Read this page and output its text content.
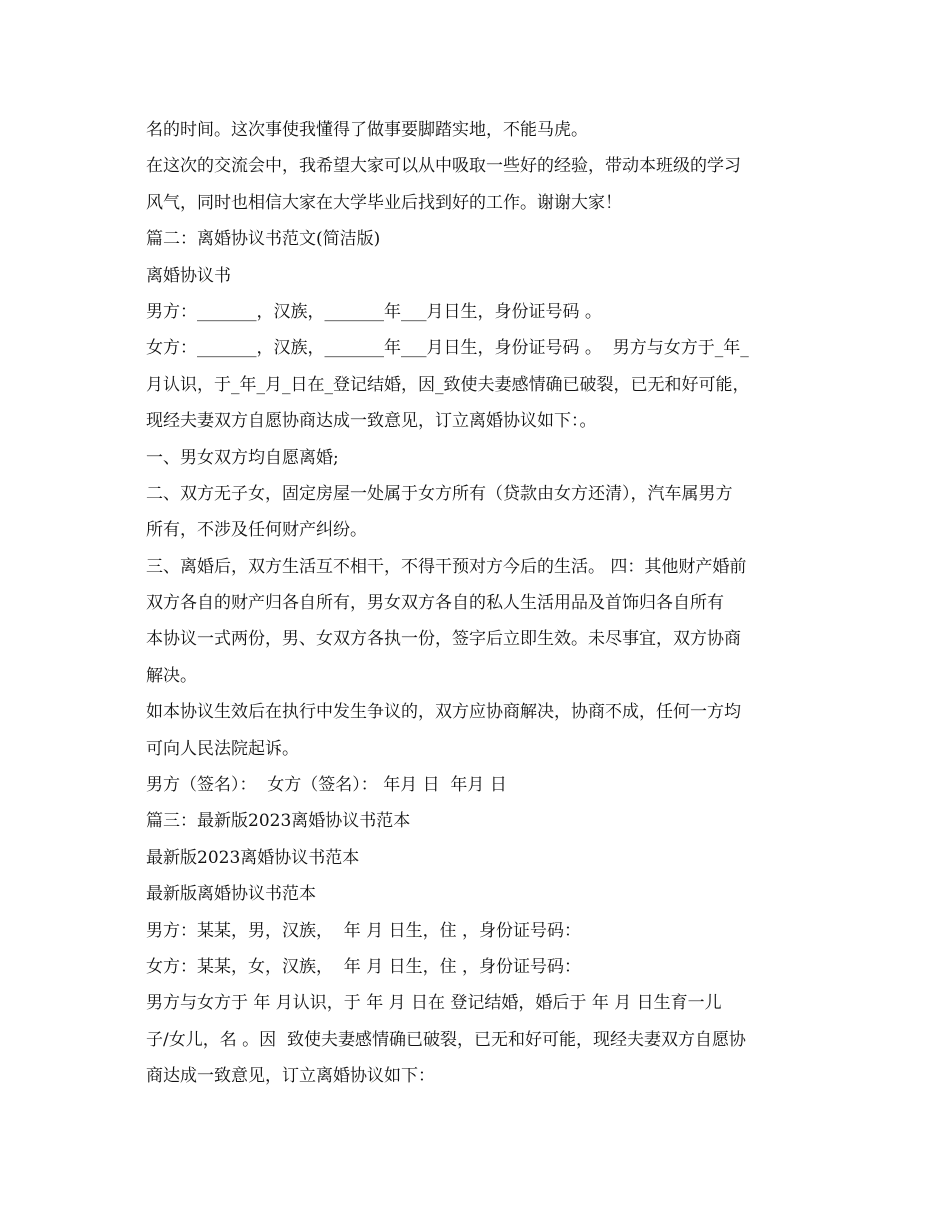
名的时间。这次事使我懂得了做事要脚踏实地，不能马虎。
在这次的交流会中，我希望大家可以从中吸取一些好的经验，带动本班级的学习
风气，同时也相信大家在大学毕业后找到好的工作。谢谢大家！
篇二：离婚协议书范文(简洁版)
离婚协议书
男方：_______，汉族，_______年___月日生，身份证号码 。
女方：_______，汉族，_______年___月日生，身份证号码 。  男方与女方于_年_
月认识，于_年_月_日在_登记结婚，因_致使夫妻感情确已破裂，已无和好可能，
现经夫妻双方自愿协商达成一致意见，订立离婚协议如下：。
一、男女双方均自愿离婚;
二、双方无子女，固定房屋一处属于女方所有（贷款由女方还清），汽车属男方
所有，不涉及任何财产纠纷。
三、离婚后，双方生活互不相干，不得干预对方今后的生活。 四：其他财产婚前
双方各自的财产归各自所有，男女双方各自的私人生活用品及首饰归各自所有
本协议一式两份，男、女双方各执一份，签字后立即生效。未尽事宜，双方协商
解决。
如本协议生效后在执行中发生争议的，双方应协商解决，协商不成，任何一方均
可向人民法院起诉。
男方（签名）：  女方（签名）： 年月 日  年月 日
篇三：最新版2023离婚协议书范本
最新版2023离婚协议书范本
最新版离婚协议书范本
男方：某某，男，汉族，  年 月 日生，住 ，身份证号码：
女方：某某，女，汉族，  年 月 日生，住 ，身份证号码：
男方与女方于 年 月认识，于 年 月 日在 登记结婚，婚后于 年 月 日生育一儿
子/女儿，名 。因  致使夫妻感情确已破裂，已无和好可能，现经夫妻双方自愿协
商达成一致意见，订立离婚协议如下：
